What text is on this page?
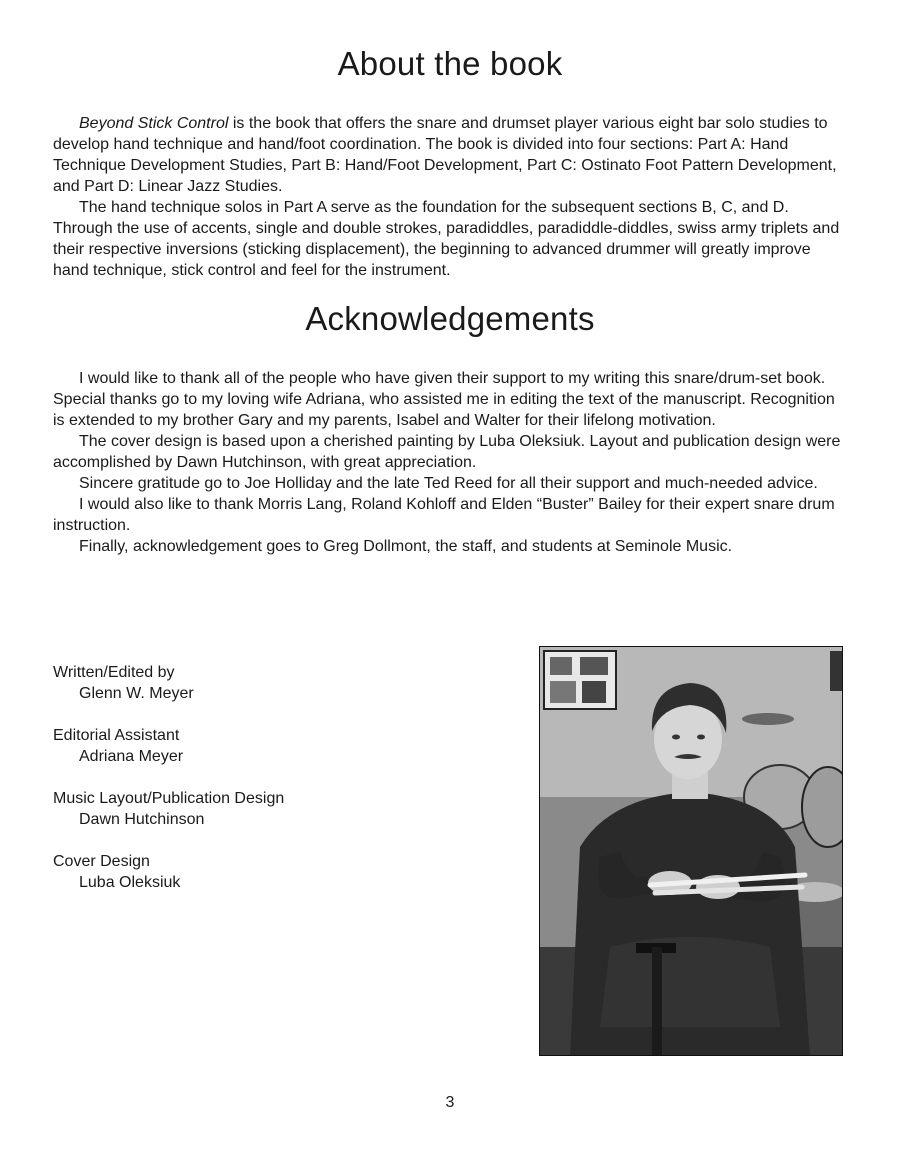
About the book

Beyond Stick Control is the book that offers the snare and drumset player various eight bar solo studies to develop hand technique and hand/foot coordination. The book is divided into four sections: Part A: Hand Technique Development Studies, Part B: Hand/Foot Development, Part C: Ostinato Foot Pattern Development, and Part D: Linear Jazz Studies.

The hand technique solos in Part A serve as the foundation for the subsequent sections B, C, and D. Through the use of accents, single and double strokes, paradiddles, paradiddle-diddles, swiss army triplets and their respective inversions (sticking displacement), the beginning to advanced drummer will greatly improve hand technique, stick control and feel for the instrument.

Acknowledgements

I would like to thank all of the people who have given their support to my writing this snare/drum-set book. Special thanks go to my loving wife Adriana, who assisted me in editing the text of the manuscript. Recognition is extended to my brother Gary and my parents, Isabel and Walter for their lifelong motivation.

The cover design is based upon a cherished painting by Luba Oleksiuk. Layout and publication design were accomplished by Dawn Hutchinson, with great appreciation.

Sincere gratitude go to Joe Holliday and the late Ted Reed for all their support and much-needed advice.

I would also like to thank Morris Lang, Roland Kohloff and Elden “Buster” Bailey for their expert snare drum instruction.

Finally, acknowledgement goes to Greg Dollmont, the staff, and students at Seminole Music.

Written/Edited by
Glenn W. Meyer
Editorial Assistant
Adriana Meyer
Music Layout/Publication Design
Dawn Hutchinson
Cover Design
Luba Oleksiuk
3
